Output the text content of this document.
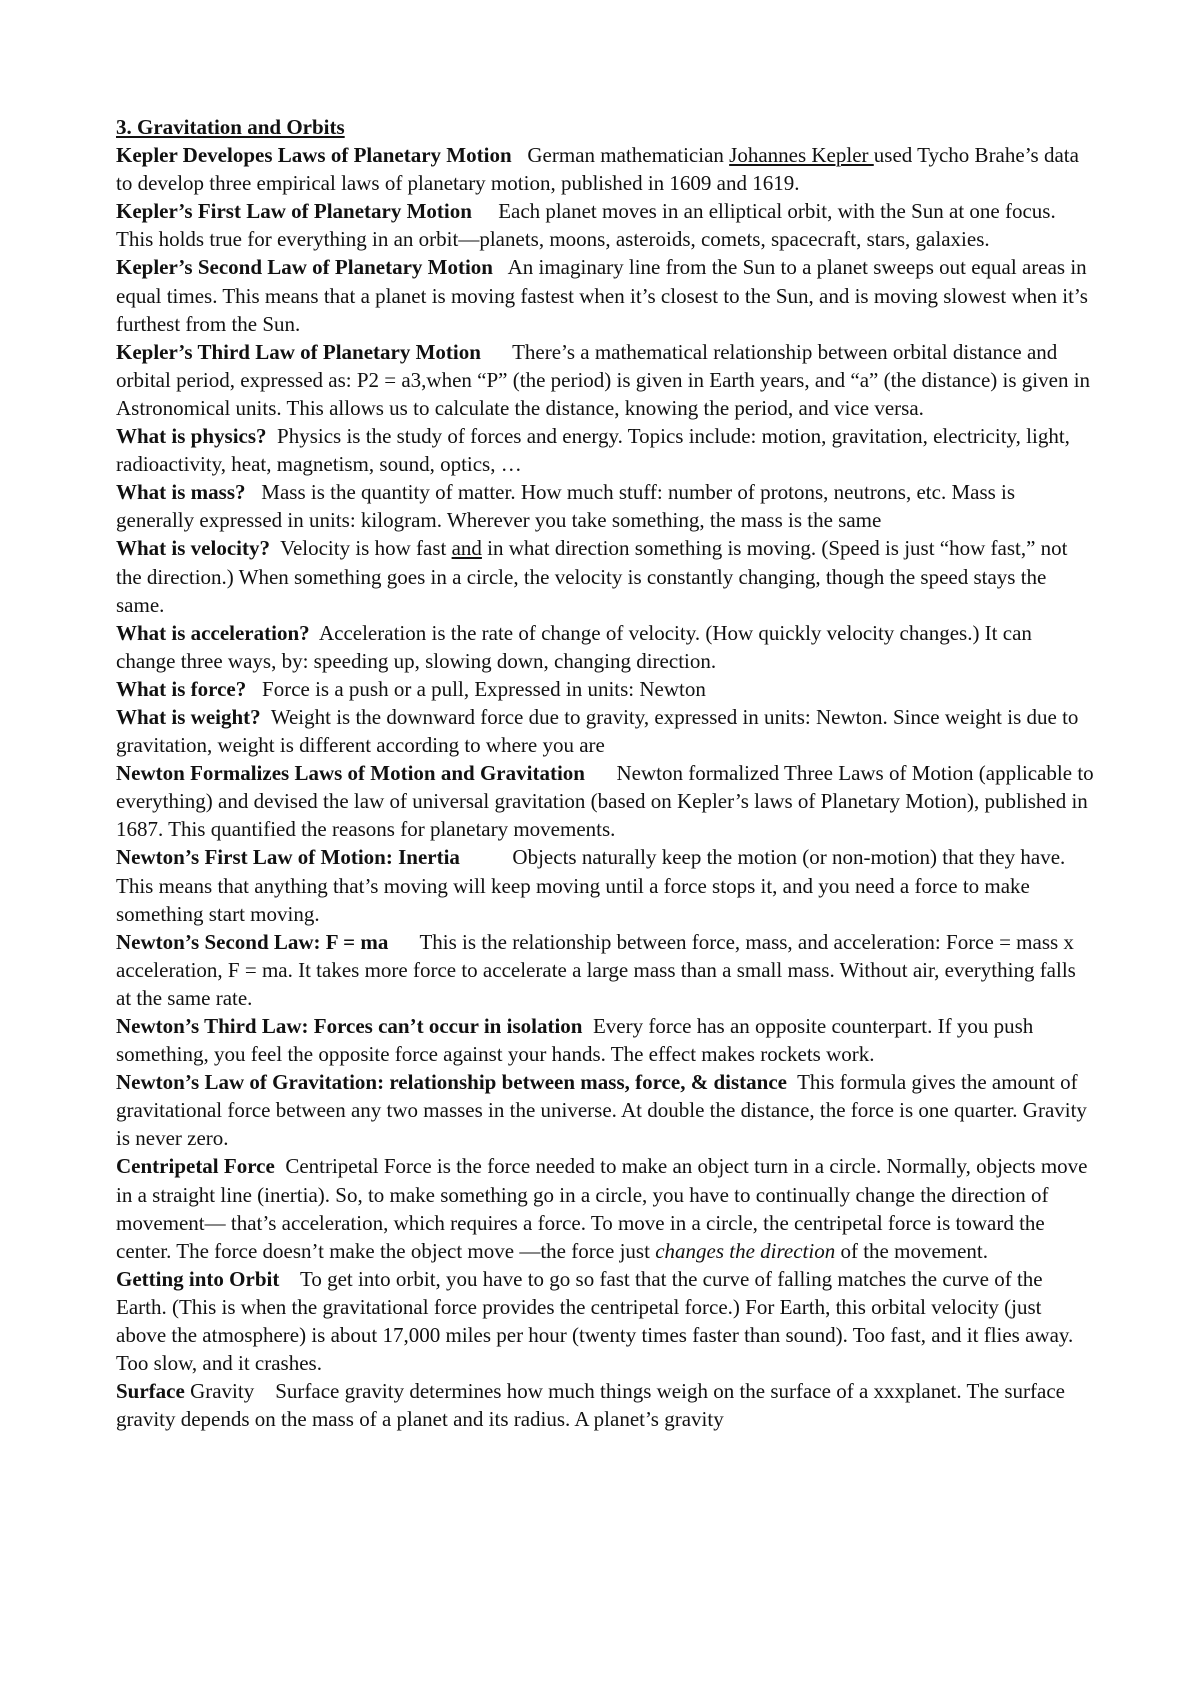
3. Gravitation and Orbits

Kepler Developes Laws of Planetary Motion German mathematician Johannes Kepler used Tycho Brahe’s data to develop three empirical laws of planetary motion, published in 1609 and 1619.

Kepler’s First Law of Planetary Motion Each planet moves in an elliptical orbit, with the Sun at one focus. This holds true for everything in an orbit—planets, moons, asteroids, comets, spacecraft, stars, galaxies.

Kepler’s Second Law of Planetary Motion An imaginary line from the Sun to a planet sweeps out equal areas in equal times. This means that a planet is moving fastest when it’s closest to the Sun, and is moving slowest when it’s furthest from the Sun.

Kepler’s Third Law of Planetary Motion There’s a mathematical relationship between orbital distance and orbital period, expressed as: P2 = a3,when “P” (the period) is given in Earth years, and “a” (the distance) is given in Astronomical units. This allows us to calculate the distance, knowing the period, and vice versa.

What is physics? Physics is the study of forces and energy. Topics include: motion, gravitation, electricity, light, radioactivity, heat, magnetism, sound, optics, …

What is mass? Mass is the quantity of matter. How much stuff: number of protons, neutrons, etc. Mass is generally expressed in units: kilogram. Wherever you take something, the mass is the same

What is velocity? Velocity is how fast and in what direction something is moving. (Speed is just “how fast,” not the direction.) When something goes in a circle, the velocity is constantly changing, though the speed stays the same.

What is acceleration? Acceleration is the rate of change of velocity. (How quickly velocity changes.) It can change three ways, by: speeding up, slowing down, changing direction.

What is force? Force is a push or a pull, Expressed in units: Newton

What is weight? Weight is the downward force due to gravity, expressed in units: Newton. Since weight is due to gravitation, weight is different according to where you are

Newton Formalizes Laws of Motion and Gravitation Newton formalized Three Laws of Motion (applicable to everything) and devised the law of universal gravitation (based on Kepler’s laws of Planetary Motion), published in 1687. This quantified the reasons for planetary movements.

Newton’s First Law of Motion: Inertia	Objects naturally keep the motion (or non-motion) that they have. This means that anything that’s moving will keep moving until a force stops it, and you need a force to make something start moving.

Newton’s Second Law: F = ma This is the relationship between force, mass, and acceleration: Force = mass x acceleration, F = ma. It takes more force to accelerate a large mass than a small mass. Without air, everything falls at the same rate.

Newton’s Third Law: Forces can’t occur in isolation Every force has an opposite counterpart. If you push something, you feel the opposite force against your hands. The effect makes rockets work.

Newton’s Law of Gravitation: relationship between mass, force, & distance This formula gives the amount of gravitational force between any two masses in the universe. At double the distance, the force is one quarter. Gravity is never zero.

Centripetal Force Centripetal Force is the force needed to make an object turn in a circle. Normally, objects move in a straight line (inertia). So, to make something go in a circle, you have to continually change the direction of movement— that’s acceleration, which requires a force. To move in a circle, the centripetal force is toward the center. The force doesn’t make the object move —the force just changes the direction of the movement.

Getting into Orbit To get into orbit, you have to go so fast that the curve of falling matches the curve of the Earth. (This is when the gravitational force provides the centripetal force.) For Earth, this orbital velocity (just above the atmosphere) is about 17,000 miles per hour (twenty times faster than sound). Too fast, and it flies away. Too slow, and it crashes.

Surface Gravity Surface gravity determines how much things weigh on the surface of a xxxplanet. The surface gravity depends on the mass of a planet and its radius. A planet’s gravity
